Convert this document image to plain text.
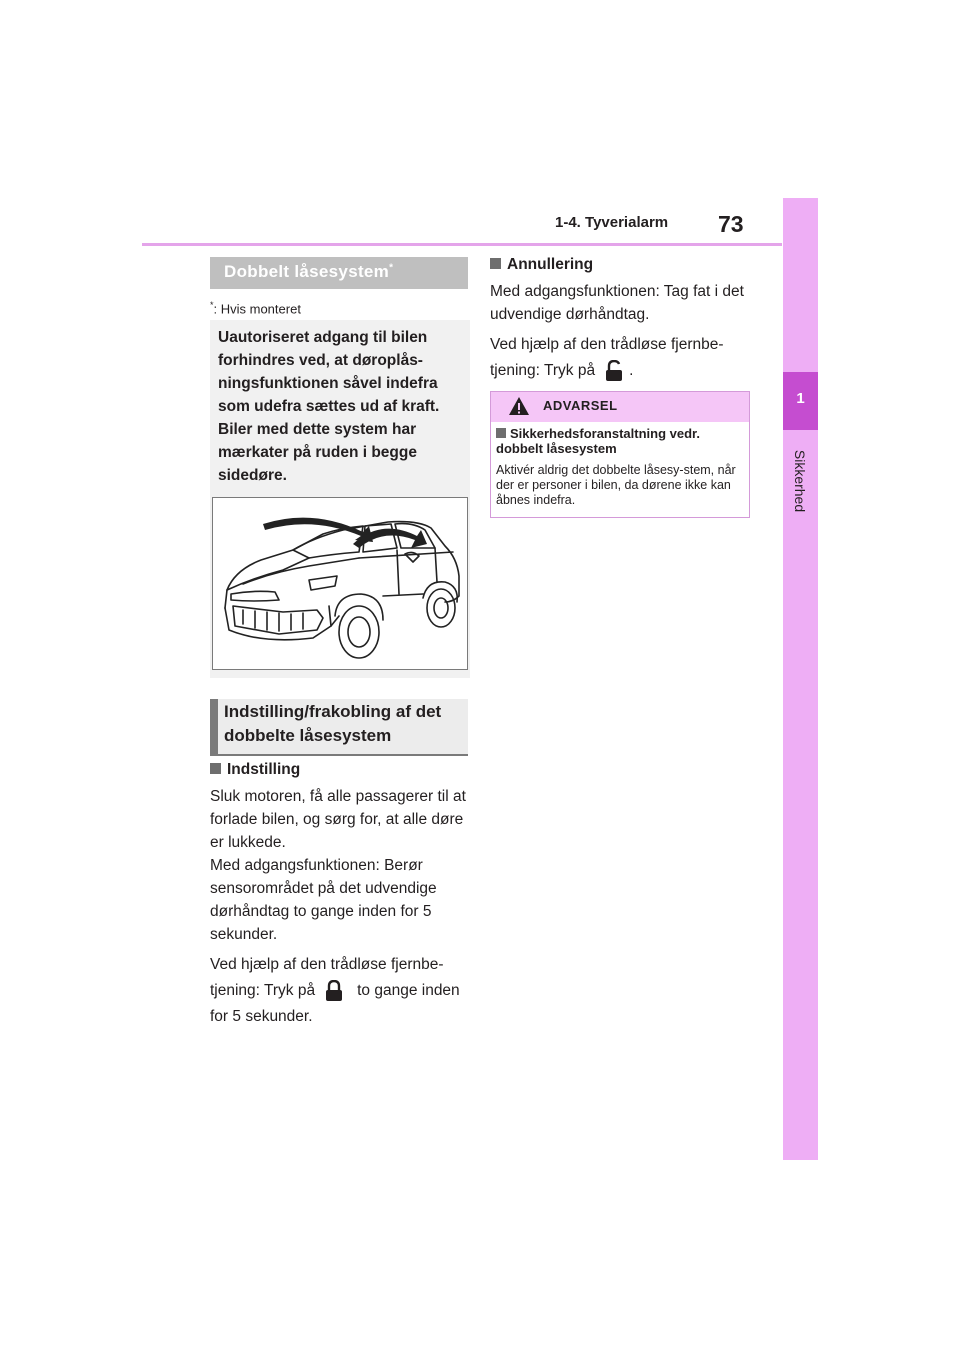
1-4. Tyverialarm 73
1
Sikkerhed
Dobbelt låsesystem*
*: Hvis monteret
Uautoriseret adgang til bilen forhindres ved, at døroplås-ningsfunktionen såvel indefra som udefra sættes ud af kraft.
Biler med dette system har mærkater på ruden i begge sidedøre.
Indstilling/frakobling af det dobbelte låsesystem
Indstilling
Sluk motoren, få alle passagerer til at forlade bilen, og sørg for, at alle døre er lukkede.
Med adgangsfunktionen: Berør sensorområdet på det udvendige dørhåndtag to gange inden for 5 sekunder.
Ved hjælp af den trådløse fjernbe-tjening: Tryk på	to gange inden for 5 sekunder.
Annullering
Med adgangsfunktionen: Tag fat i det udvendige dørhåndtag.
Ved hjælp af den trådløse fjernbe-tjening: Tryk på .
ADVARSEL
Sikkerhedsforanstaltning vedr. dobbelt låsesystem
Aktivér aldrig det dobbelte låsesy-stem, når der er personer i bilen, da dørene ikke kan åbnes indefra.
